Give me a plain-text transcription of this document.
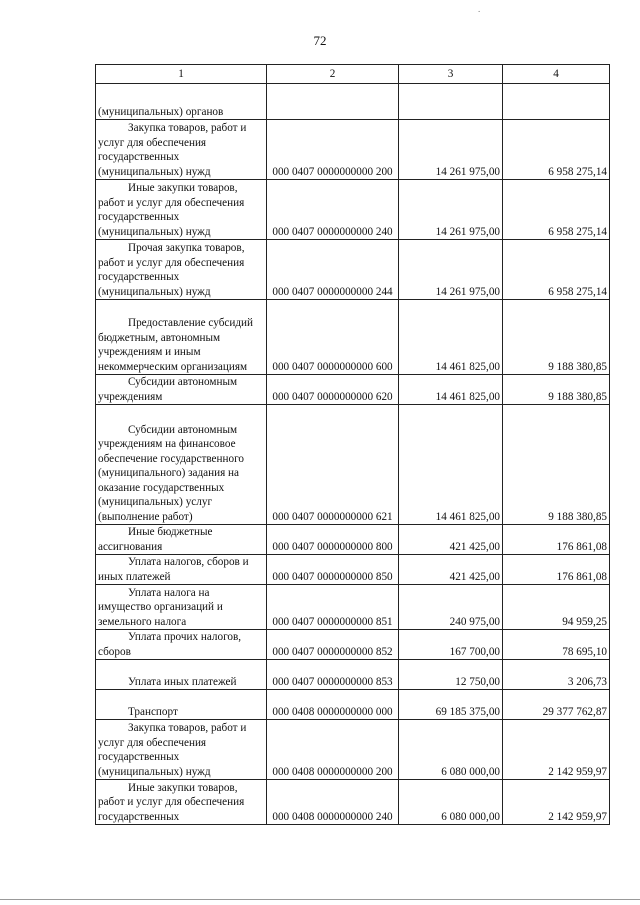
.
72
1	2	3	4
(муниципальных) органов			

Закупка товаров, работ и услуг для обеспечения государственных (муниципальных) нужд	000 0407 0000000000 200	14 261 975,00	6 958 275,14

Иные закупки товаров, работ и услуг для обеспечения государственных (муниципальных) нужд	000 0407 0000000000 240	14 261 975,00	6 958 275,14

Прочая закупка товаров, работ и услуг для обеспечения государственных (муниципальных) нужд	000 0407 0000000000 244	14 261 975,00	6 958 275,14

Предоставление субсидий бюджетным, автономным учреждениям и иным некоммерческим организациям	000 0407 0000000000 600	14 461 825,00	9 188 380,85

Субсидии автономным учреждениям	000 0407 0000000000 620	14 461 825,00	9 188 380,85

Субсидии автономным учреждениям на финансовое обеспечение государственного (муниципального) задания на оказание государственных (муниципальных) услуг (выполнение работ)	000 0407 0000000000 621	14 461 825,00	9 188 380,85

Иные бюджетные ассигнования	000 0407 0000000000 800	421 425,00	176 861,08

Уплата налогов, сборов и иных платежей	000 0407 0000000000 850	421 425,00	176 861,08

Уплата налога на имущество организаций и земельного налога	000 0407 0000000000 851	240 975,00	94 959,25

Уплата прочих налогов, сборов	000 0407 0000000000 852	167 700,00	78 695,10

Уплата иных платежей	000 0407 0000000000 853	12 750,00	3 206,73

Транспорт	000 0408 0000000000 000	69 185 375,00	29 377 762,87

Закупка товаров, работ и услуг для обеспечения государственных (муниципальных) нужд	000 0408 0000000000 200	6 080 000,00	2 142 959,97

Иные закупки товаров, работ и услуг для обеспечения государственных	000 0408 0000000000 240	6 080 000,00	2 142 959,97
